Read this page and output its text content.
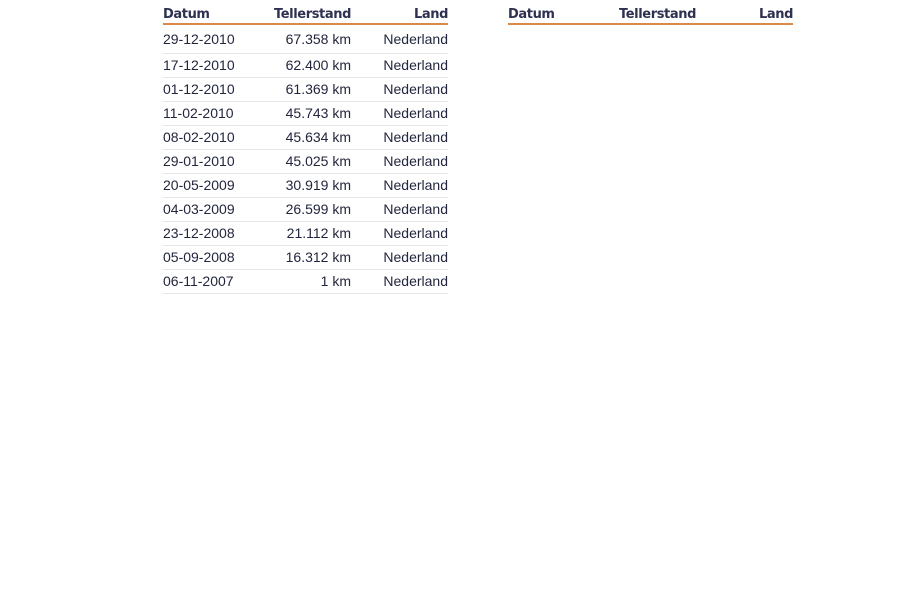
Datum	Tellerstand	Land
29-12-2010	67.358 km	Nederland
17-12-2010	62.400 km	Nederland
01-12-2010	61.369 km	Nederland
11-02-2010	45.743 km	Nederland
08-02-2010	45.634 km	Nederland
29-01-2010	45.025 km	Nederland
20-05-2009	30.919 km	Nederland
04-03-2009	26.599 km	Nederland
23-12-2008	21.112 km	Nederland
05-09-2008	16.312 km	Nederland
06-11-2007	1 km	Nederland
Datum	Tellerstand	Land
